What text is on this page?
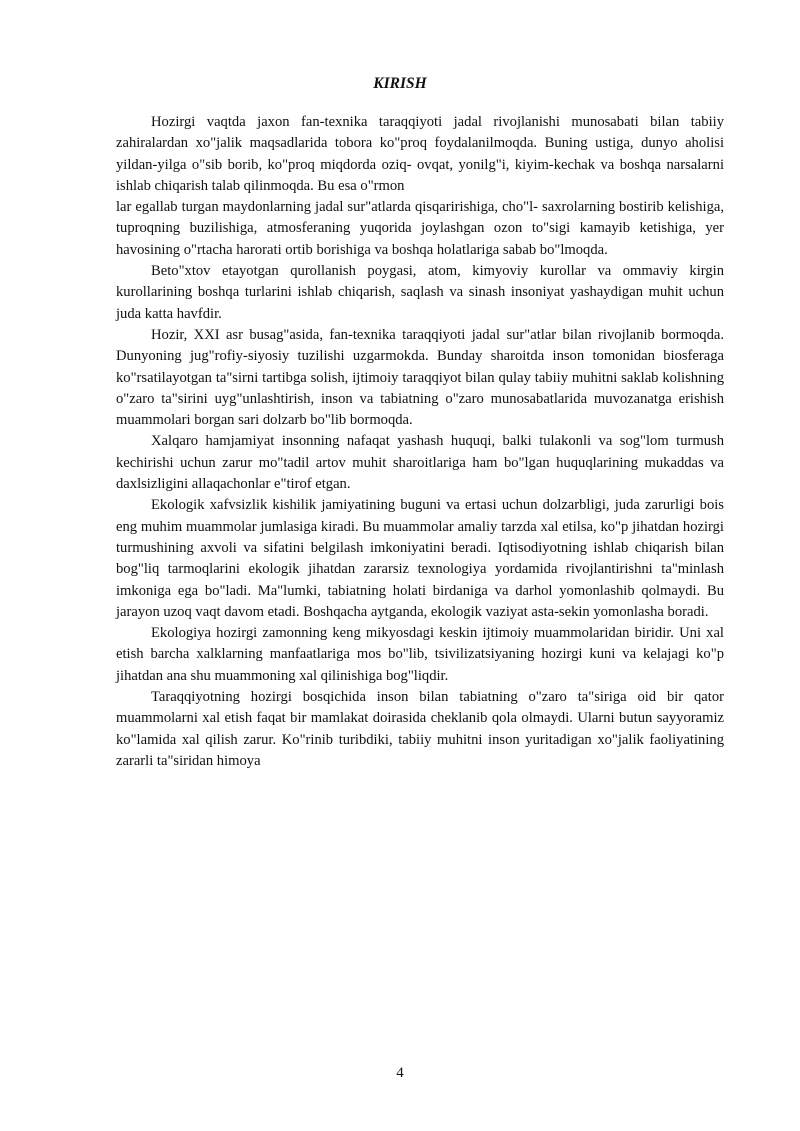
KIRISH

Hozirgi vaqtda jaxon fan-texnika taraqqiyoti jadal rivojlanishi munosabati bilan tabiiy zahiralardan xo"jalik maqsadlarida tobora ko"proq foydalanilmoqda. Buning ustiga, dunyo aholisi yildan-yilga o"sib borib, ko"proq miqdorda oziq- ovqat, yonilg"i, kiyim-kechak va boshqa narsalarni ishlab chiqarish talab qilinmoqda. Bu esa o"rmon

lar egallab turgan maydonlarning jadal sur"atlarda qisqaririshiga, cho"l- saxrolarning bostirib kelishiga, tuproqning buzilishiga, atmosferaning yuqorida joylashgan ozon to"sigi kamayib ketishiga, yer havosining o"rtacha harorati ortib borishiga va boshqa holatlariga sabab bo"lmoqda.

Beto"xtov etayotgan qurollanish poygasi, atom, kimyoviy kurollar va ommaviy kirgin kurollarining boshqa turlarini ishlab chiqarish, saqlash va sinash insoniyat yashaydigan muhit uchun juda katta havfdir.

Hozir, XXI asr busag"asida, fan-texnika taraqqiyoti jadal sur"atlar bilan rivojlanib bormoqda. Dunyoning jug"rofiy-siyosiy tuzilishi uzgarmokda. Bunday sharoitda inson tomonidan biosferaga ko"rsatilayotgan ta"sirni tartibga solish, ijtimoiy taraqqiyot bilan qulay tabiiy muhitni saklab kolishning o"zaro ta"sirini uyg"unlashtirish, inson va tabiatning o"zaro munosabatlarida muvozanatga erishish muammolari borgan sari dolzarb bo"lib bormoqda.

Xalqaro hamjamiyat insonning nafaqat yashash huquqi, balki tulakonli va sog"lom turmush kechirishi uchun zarur mo"tadil artov muhit sharoitlariga ham bo"lgan huquqlarining mukaddas va daxlsizligini allaqachonlar e"tirof etgan.

Ekologik xafvsizlik kishilik jamiyatining buguni va ertasi uchun dolzarbligi, juda zarurligi bois eng muhim muammolar jumlasiga kiradi. Bu muammolar amaliy tarzda xal etilsa, ko"p jihatdan hozirgi turmushining axvoli va sifatini belgilash imkoniyatini beradi. Iqtisodiyotning ishlab chiqarish bilan bog"liq tarmoqlarini ekologik jihatdan zararsiz texnologiya yordamida rivojlantirishni ta"minlash imkoniga ega bo"ladi. Ma"lumki, tabiatning holati birdaniga va darhol yomonlashib qolmaydi. Bu jarayon uzoq vaqt davom etadi. Boshqacha aytganda, ekologik vaziyat asta-sekin yomonlasha boradi.

Ekologiya hozirgi zamonning keng mikyosdagi keskin ijtimoiy muammolaridan biridir. Uni xal etish barcha xalklarning manfaatlariga mos bo"lib, tsivilizatsiyaning hozirgi kuni va kelajagi ko"p jihatdan ana shu muammoning xal qilinishiga bog"liqdir.

Taraqqiyotning hozirgi bosqichida inson bilan tabiatning o"zaro ta"siriga oid bir qator muammolarni xal etish faqat bir mamlakat doirasida cheklanib qola olmaydi. Ularni butun sayyoramiz ko"lamida xal qilish zarur. Ko"rinib turibdiki, tabiiy muhitni inson yuritadigan xo"jalik faoliyatining zararli ta"siridan himoya

4
